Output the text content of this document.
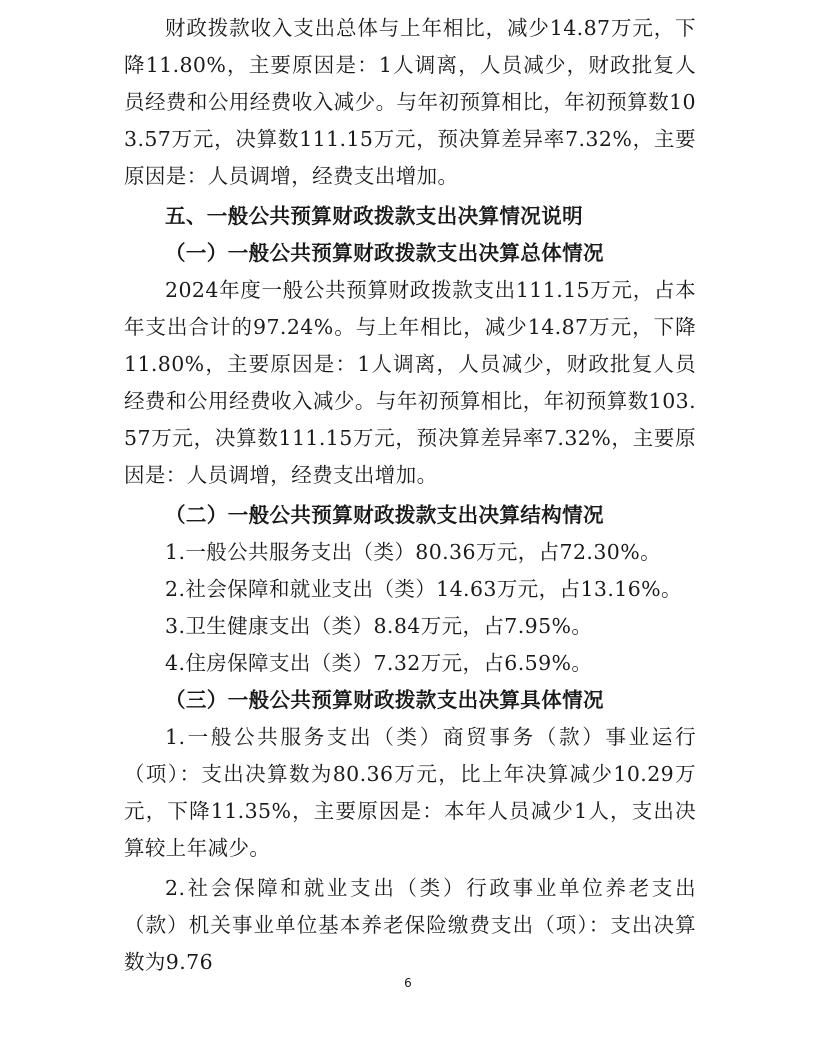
财政拨款收入支出总体与上年相比，减少14.87万元，下降11.80%，主要原因是：1人调离，人员减少，财政批复人员经费和公用经费收入减少。与年初预算相比，年初预算数103.57万元，决算数111.15万元，预决算差异率7.32%，主要原因是：人员调增，经费支出增加。

五、一般公共预算财政拨款支出决算情况说明

（一）一般公共预算财政拨款支出决算总体情况

2024年度一般公共预算财政拨款支出111.15万元，占本年支出合计的97.24%。与上年相比，减少14.87万元，下降11.80%，主要原因是：1人调离，人员减少，财政批复人员经费和公用经费收入减少。与年初预算相比，年初预算数103.57万元，决算数111.15万元，预决算差异率7.32%，主要原因是：人员调增，经费支出增加。

（二）一般公共预算财政拨款支出决算结构情况

1.一般公共服务支出（类）80.36万元，占72.30%。

2.社会保障和就业支出（类）14.63万元，占13.16%。

3.卫生健康支出（类）8.84万元，占7.95%。

4.住房保障支出（类）7.32万元，占6.59%。

（三）一般公共预算财政拨款支出决算具体情况

1.一般公共服务支出（类）商贸事务（款）事业运行（项）：支出决算数为80.36万元，比上年决算减少10.29万元，下降11.35%，主要原因是：本年人员减少1人，支出决算较上年减少。

2.社会保障和就业支出（类）行政事业单位养老支出（款）机关事业单位基本养老保险缴费支出（项）：支出决算数为9.76

6
